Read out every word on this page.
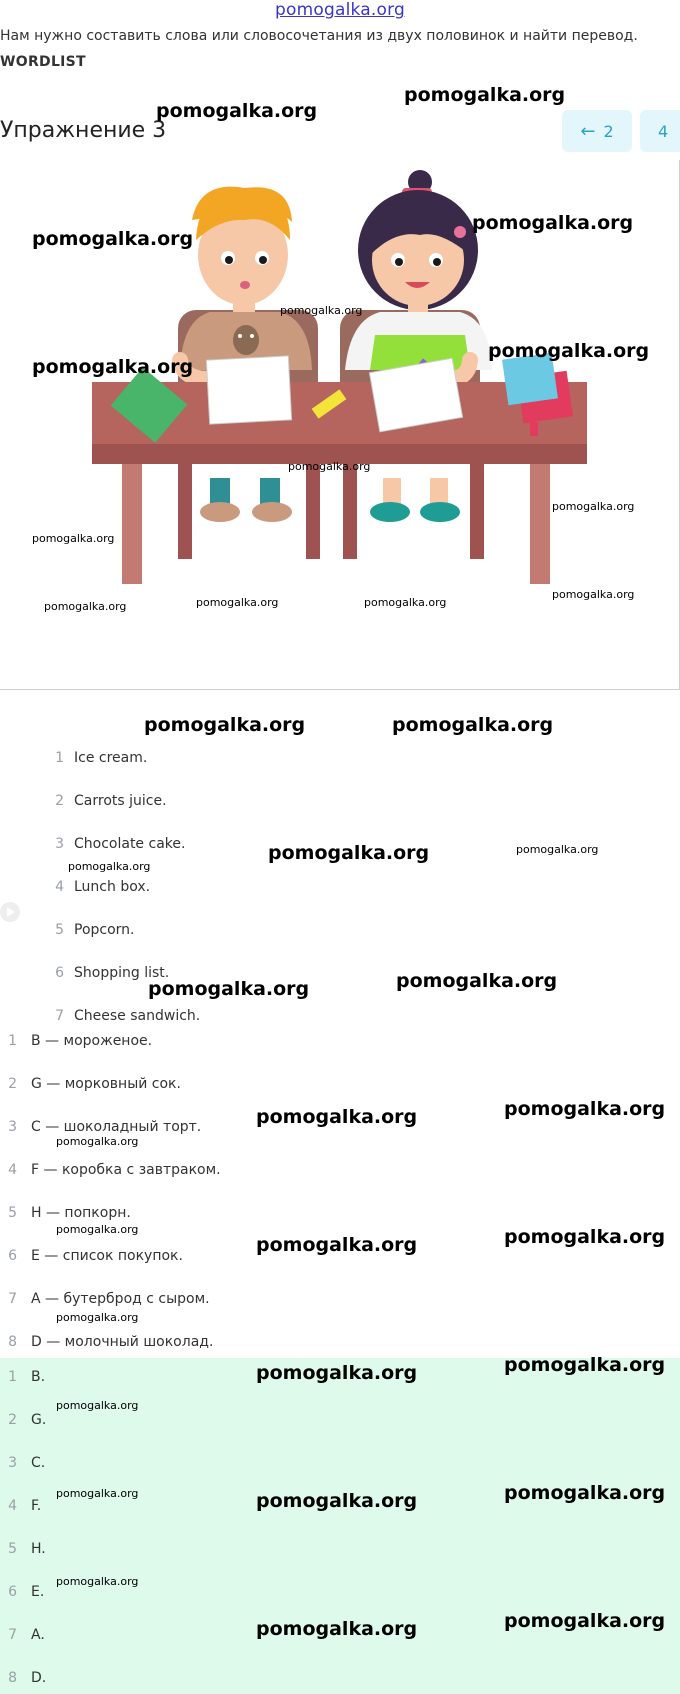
pomogalka.org
Нам нужно составить слова или словосочетания из двух половинок и найти перевод.
WORDLIST
Упражнение 3	← 2	4
pomogalka.org
pomogalka.org
pomogalka.org
pomogalka.org
pomogalka.org
pomogalka.org
pomogalka.org
pomogalka.org
pomogalka.org
pomogalka.org
pomogalka.org	pomogalka.org	pomogalka.org
pomogalka.org
1 Ice cream.
2 Carrots juice.
3 Chocolate cake.
4 Lunch box.
5 Popcorn.
6 Shopping list.
7 Cheese sandwich.
pomogalka.org	pomogalka.org
pomogalka.org
pomogalka.org	pomogalka.org
pomogalka.org	pomogalka.org
1 B — мороженое.
2 G — морковный сок.
3 C — шоколадный торт.
4 F — коробка с завтраком.
5 H — попкорн.
6 E — список покупок.
7 A — бутерброд с сыром.
8 D — молочный шоколад.
1 B.
2 G.
3 C.
4 F.
5 H.
6 E.
7 A.
8 D.
pomogalka.org	pomogalka.org
pomogalka.org
pomogalka.org
pomogalka.org	pomogalka.org
pomogalka.org
pomogalka.org	pomogalka.org
pomogalka.org
pomogalka.org	pomogalka.org	pomogalka.org
pomogalka.org
pomogalka.org	pomogalka.org
